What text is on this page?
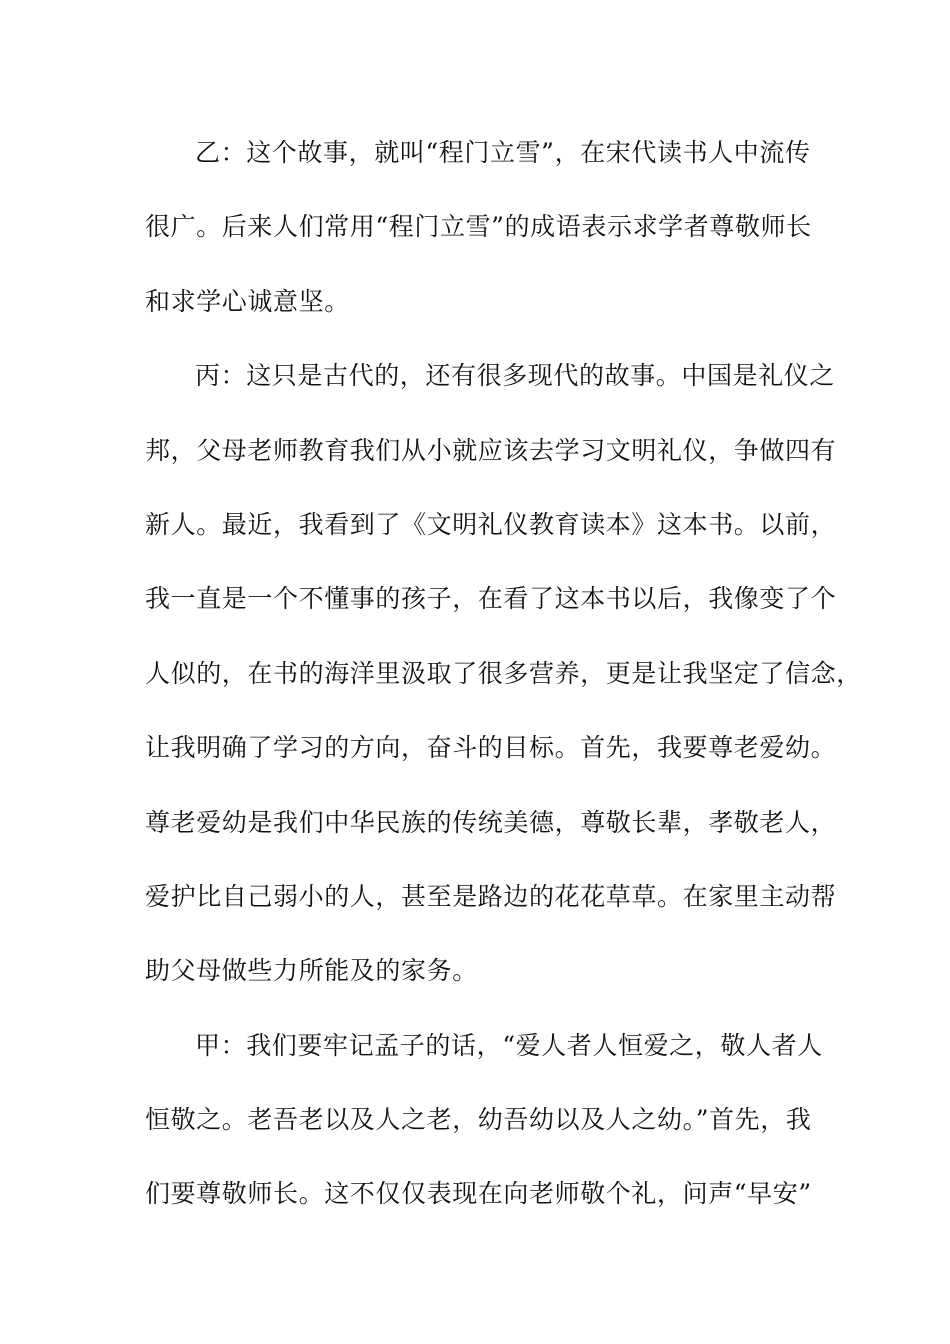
乙：这个故事，就叫“程门立雪”，在宋代读书人中流传
很广。后来人们常用“程门立雪”的成语表示求学者尊敬师长
和求学心诚意坚。
丙：这只是古代的，还有很多现代的故事。中国是礼仪之
邦，父母老师教育我们从小就应该去学习文明礼仪，争做四有
新人。最近，我看到了《文明礼仪教育读本》这本书。以前，
我一直是一个不懂事的孩子，在看了这本书以后，我像变了个
人似的，在书的海洋里汲取了很多营养，更是让我坚定了信念，
让我明确了学习的方向，奋斗的目标。首先，我要尊老爱幼。
尊老爱幼是我们中华民族的传统美德，尊敬长辈，孝敬老人，
爱护比自己弱小的人，甚至是路边的花花草草。在家里主动帮
助父母做些力所能及的家务。
甲：我们要牢记孟子的话，“爱人者人恒爱之，敬人者人
恒敬之。老吾老以及人之老，幼吾幼以及人之幼。”首先，我
们要尊敬师长。这不仅仅表现在向老师敬个礼，问声“早安”
